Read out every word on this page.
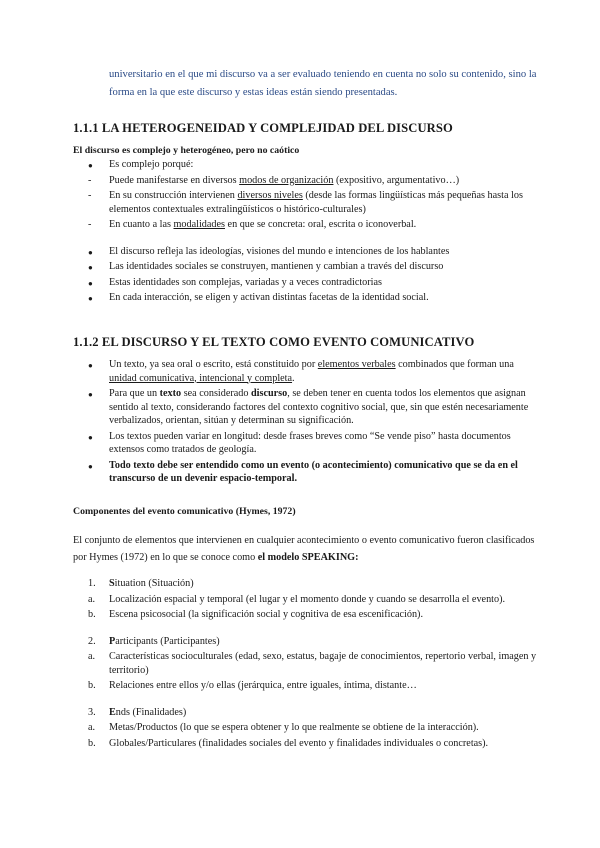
universitario en el que mi discurso va a ser evaluado teniendo en cuenta no solo su contenido, sino la forma en la que este discurso y estas ideas están siendo presentadas.
1.1.1 LA HETEROGENEIDAD Y COMPLEJIDAD DEL DISCURSO
El discurso es complejo y heterogéneo, pero no caótico
●	Es complejo porqué:
-	Puede manifestarse en diversos modos de organización (expositivo, argumentativo…)
-	En su construcción intervienen diversos niveles (desde las formas lingüísticas más pequeñas hasta los elementos contextuales extralingüísticos o histórico-culturales)
-	En cuanto a las modalidades en que se concreta: oral, escrita o iconoverbal.
●	El discurso refleja las ideologías, visiones del mundo e intenciones de los hablantes
●	Las identidades sociales se construyen, mantienen y cambian a través del discurso
●	Estas identidades son complejas, variadas y a veces contradictorias
●	En cada interacción, se eligen y activan distintas facetas de la identidad social.
1.1.2 EL DISCURSO Y EL TEXTO COMO EVENTO COMUNICATIVO
●	Un texto, ya sea oral o escrito, está constituido por elementos verbales combinados que forman una unidad comunicativa, intencional y completa.
●	Para que un texto sea considerado discurso, se deben tener en cuenta todos los elementos que asignan sentido al texto, considerando factores del contexto cognitivo social, que, sin que estén necesariamente verbalizados, orientan, sitúan y determinan su significación.
●	Los textos pueden variar en longitud: desde frases breves como “Se vende piso” hasta documentos extensos como tratados de geología.
●	Todo texto debe ser entendido como un evento (o acontecimiento) comunicativo que se da en el transcurso de un devenir espacio-temporal.
Componentes del evento comunicativo (Hymes, 1972)
El conjunto de elementos que intervienen en cualquier acontecimiento o evento comunicativo fueron clasificados por Hymes (1972) en lo que se conoce como el modelo SPEAKING:
1.	Situation (Situación)
a.	Localización espacial y temporal (el lugar y el momento donde y cuando se desarrolla el evento).
b.	Escena psicosocial (la significación social y cognitiva de esa escenificación).
2.	Participants (Participantes)
a.	Características socioculturales (edad, sexo, estatus, bagaje de conocimientos, repertorio verbal, imagen y territorio)
b.	Relaciones entre ellos y/o ellas (jerárquica, entre iguales, íntima, distante…
3.	Ends (Finalidades)
a.	Metas/Productos (lo que se espera obtener y lo que realmente se obtiene de la interacción).
b.	Globales/Particulares (finalidades sociales del evento y finalidades individuales o concretas).
